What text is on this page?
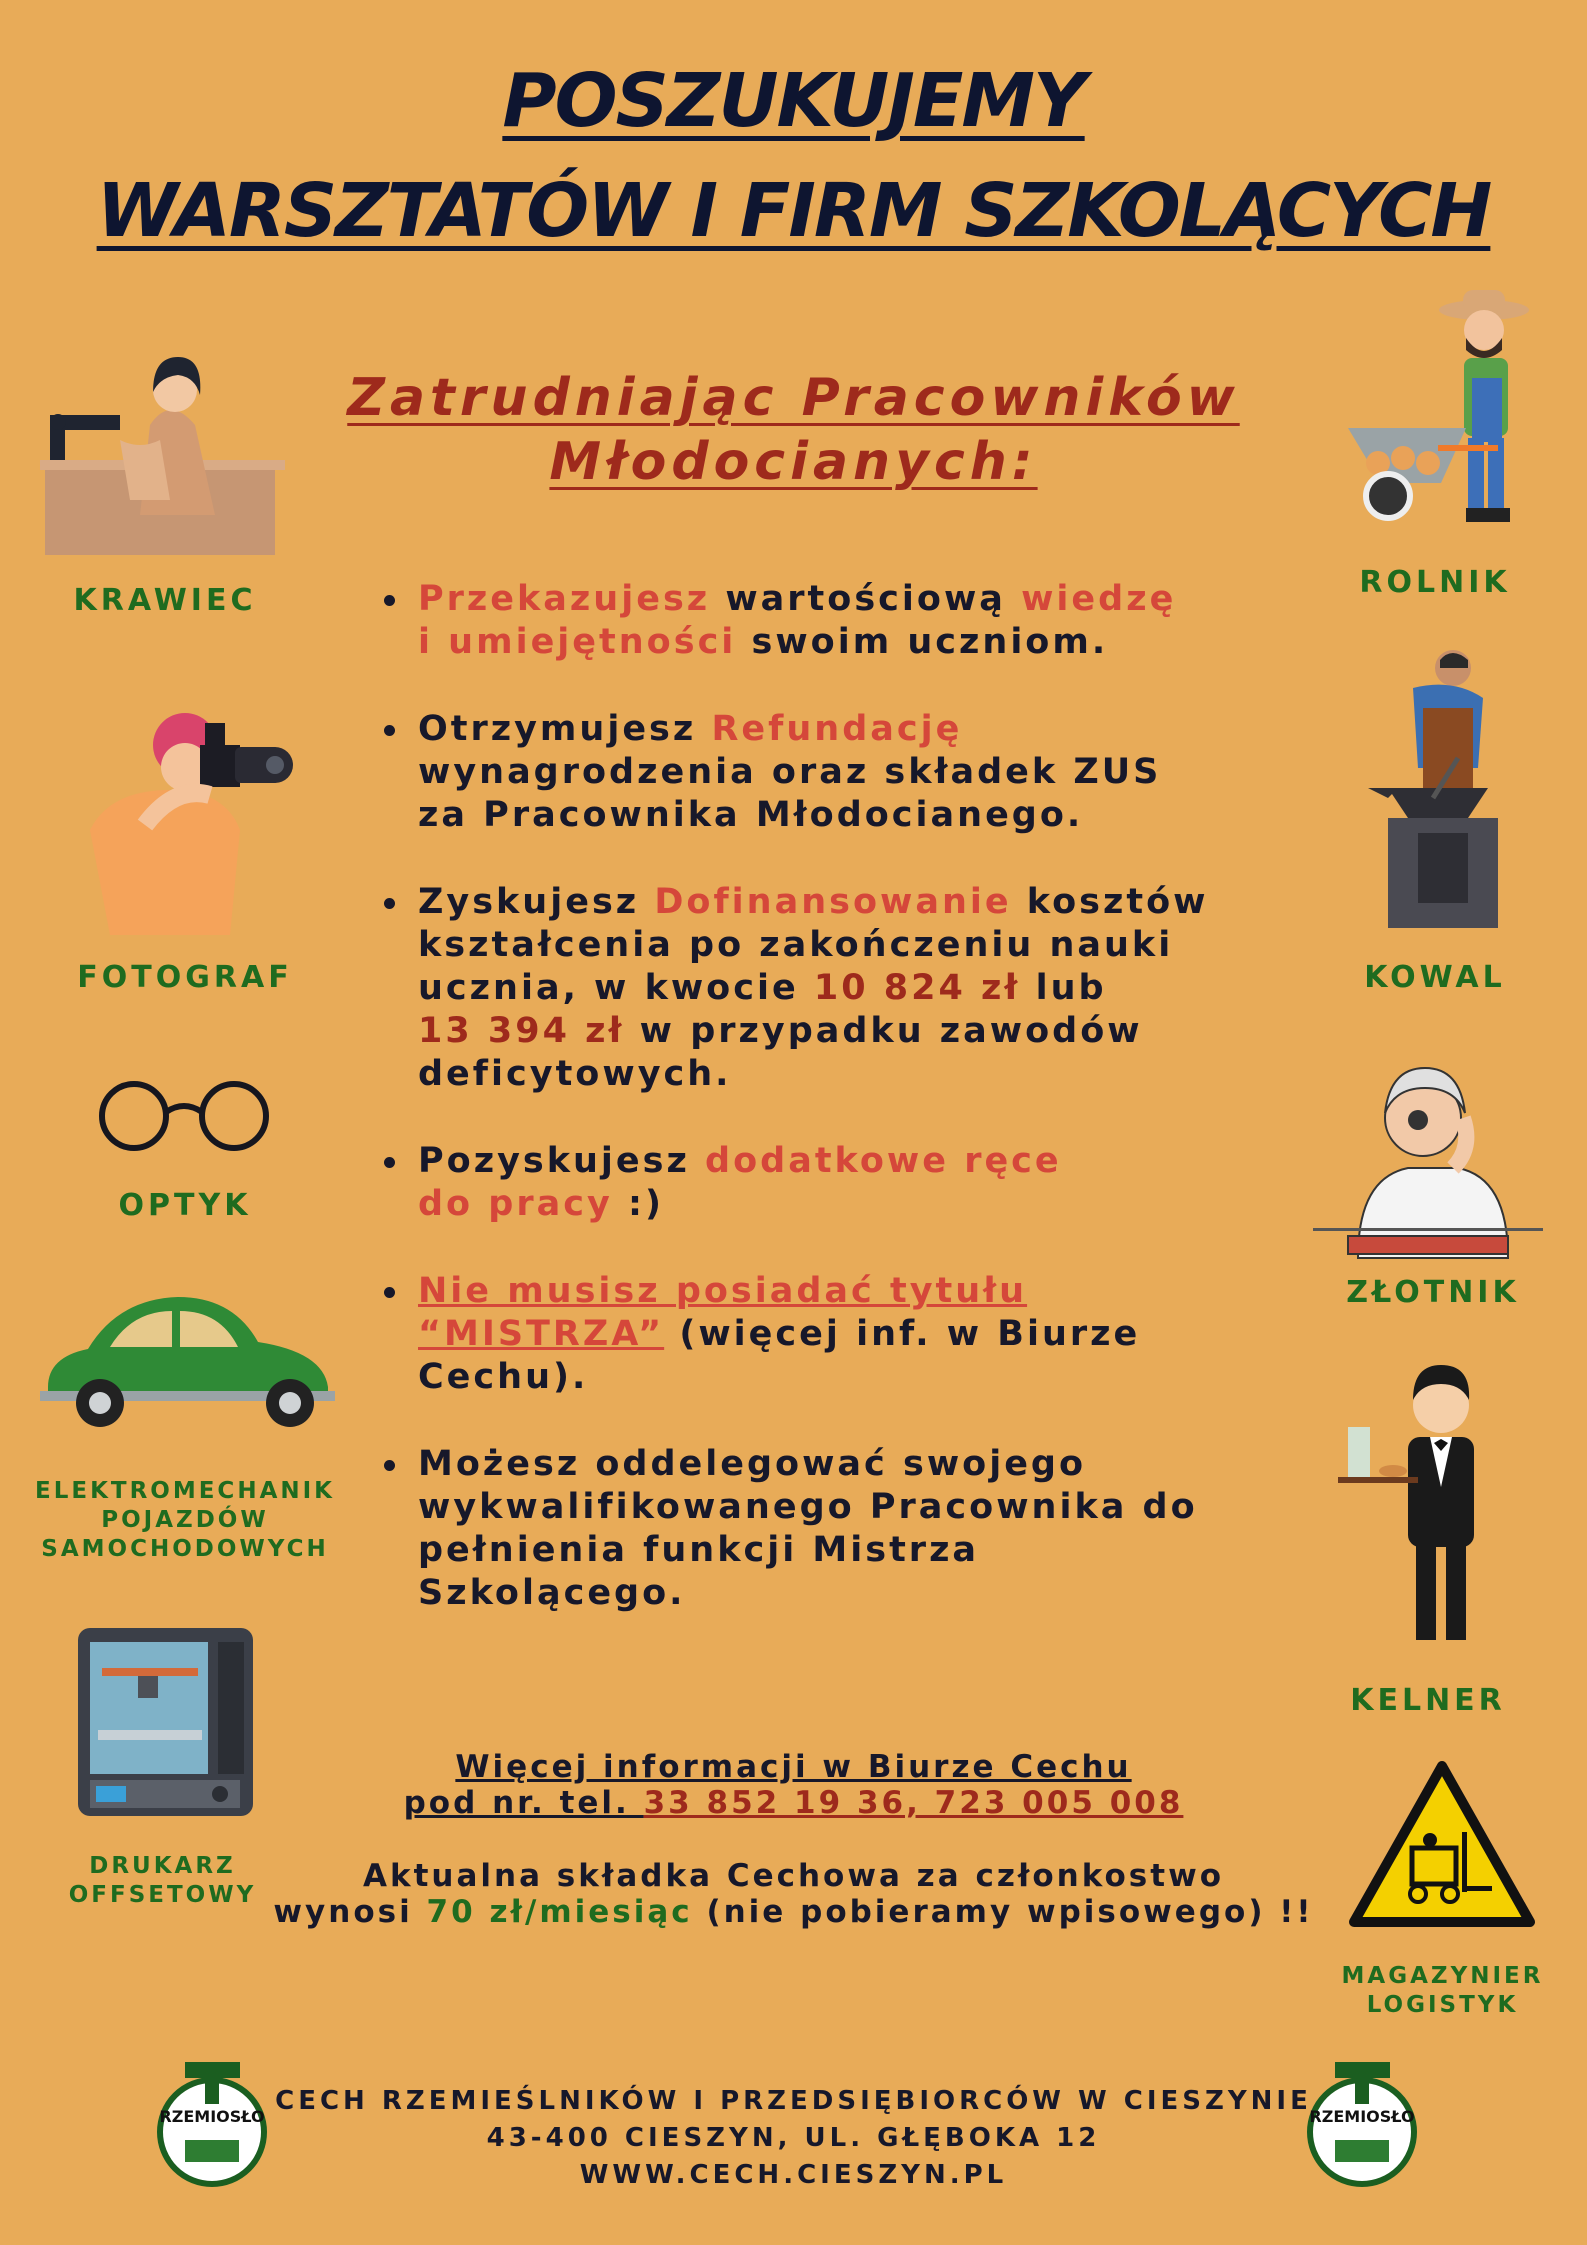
POSZUKUJEMY
WARSZTATÓW I FIRM SZKOLĄCYCH
Zatrudniając Pracowników
Młodocianych:
KRAWIEC
FOTOGRAF
OPTYK
ELEKTROMECHANIK
POJAZDÓW
SAMOCHODOWYCH
DRUKARZ
OFFSETOWY
ROLNIK
KOWAL
ZŁOTNIK
KELNER
MAGAZYNIER
LOGISTYK
Przekazujesz wartościową wiedzę
i umiejętności swoim uczniom.
Otrzymujesz Refundację
wynagrodzenia oraz składek ZUS
za Pracownika Młodocianego.
Zyskujesz Dofinansowanie kosztów
kształcenia po zakończeniu nauki
ucznia, w kwocie 10 824 zł lub
13 394 zł w przypadku zawodów
deficytowych.
Pozyskujesz dodatkowe ręce
do pracy :)
Nie musisz posiadać tytułu
“MISTRZA” (więcej inf. w Biurze
Cechu).
Możesz oddelegować swojego
wykwalifikowanego Pracownika do
pełnienia funkcji Mistrza
Szkolącego.
Więcej informacji w Biurze Cechu
pod nr. tel. 33 852 19 36, 723 005 008
Aktualna składka Cechowa za członkostwo
wynosi 70 zł/miesiąc (nie pobieramy wpisowego) !!
RZEMIOSŁO	RZEMIOSŁO
CECH RZEMIEŚLNIKÓW I PRZEDSIĘBIORCÓW W CIESZYNIE
43-400 CIESZYN, UL. GŁĘBOKA 12
WWW.CECH.CIESZYN.PL
